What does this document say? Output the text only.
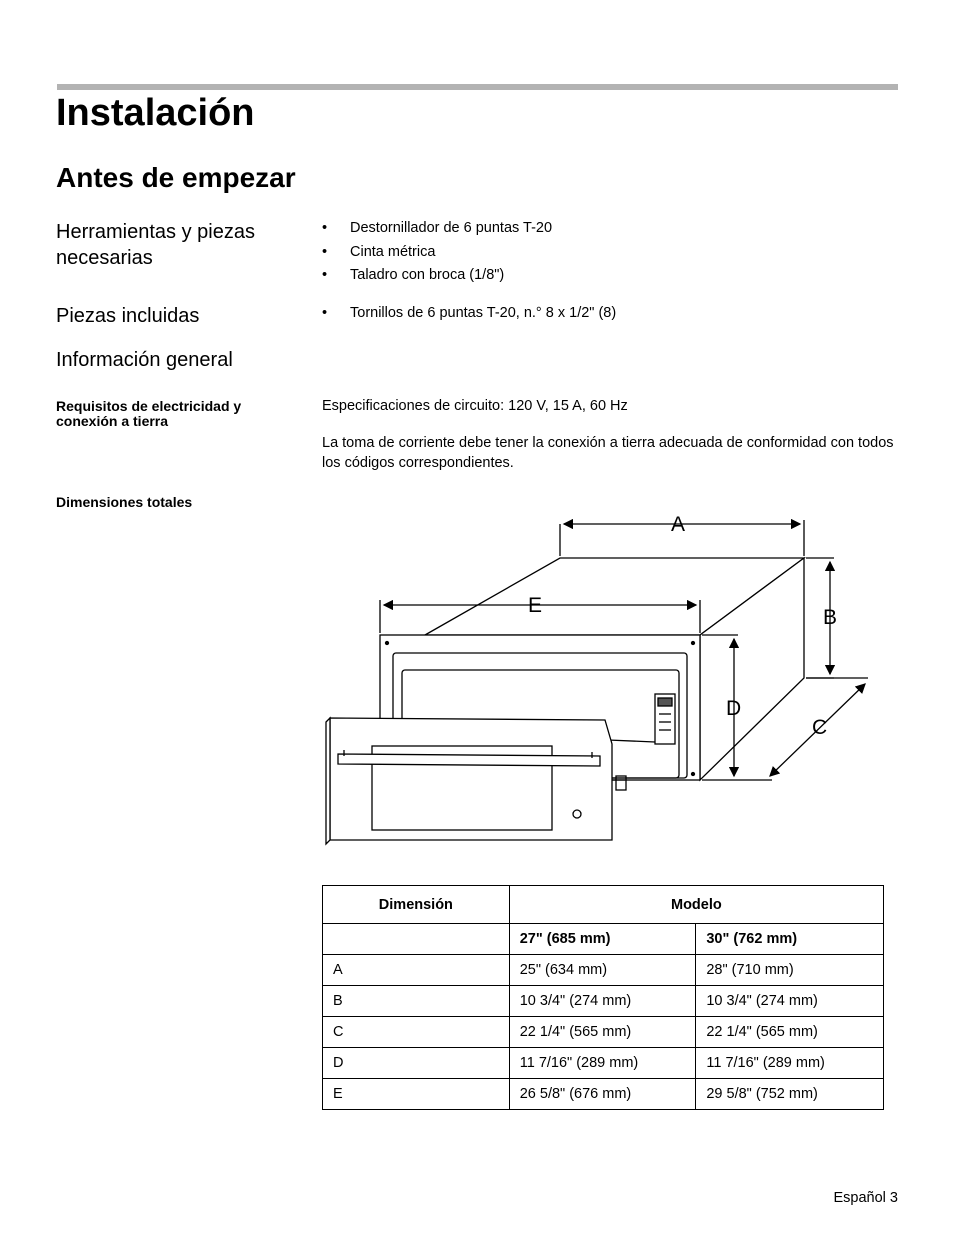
Instalación
Antes de empezar
Herramientas y piezas necesarias
• Destornillador de 6 puntas T-20
• Cinta métrica
• Taladro con broca (1/8")
Piezas incluidas	• Tornillos de 6 puntas T-20, n.° 8 x 1/2" (8)
Información general
Requisitos de electricidad y conexión a tierra

Especificaciones de circuito: 120 V, 15 A, 60 Hz

La toma de corriente debe tener la conexión a tierra adecuada de conformidad con todos los códigos correspondientes.

Dimensiones totales
A
E
B
D
C
Dimensión	Modelo	
	27" (685 mm)	30" (762 mm)
A	25" (634 mm)	28" (710 mm)
B	10 3/4" (274 mm)	10 3/4" (274 mm)
C	22 1/4" (565 mm)	22 1/4" (565 mm)
D	11 7/16" (289 mm)	11 7/16" (289 mm)
E	26 5/8" (676 mm)	29 5/8" (752 mm)
Español 3
